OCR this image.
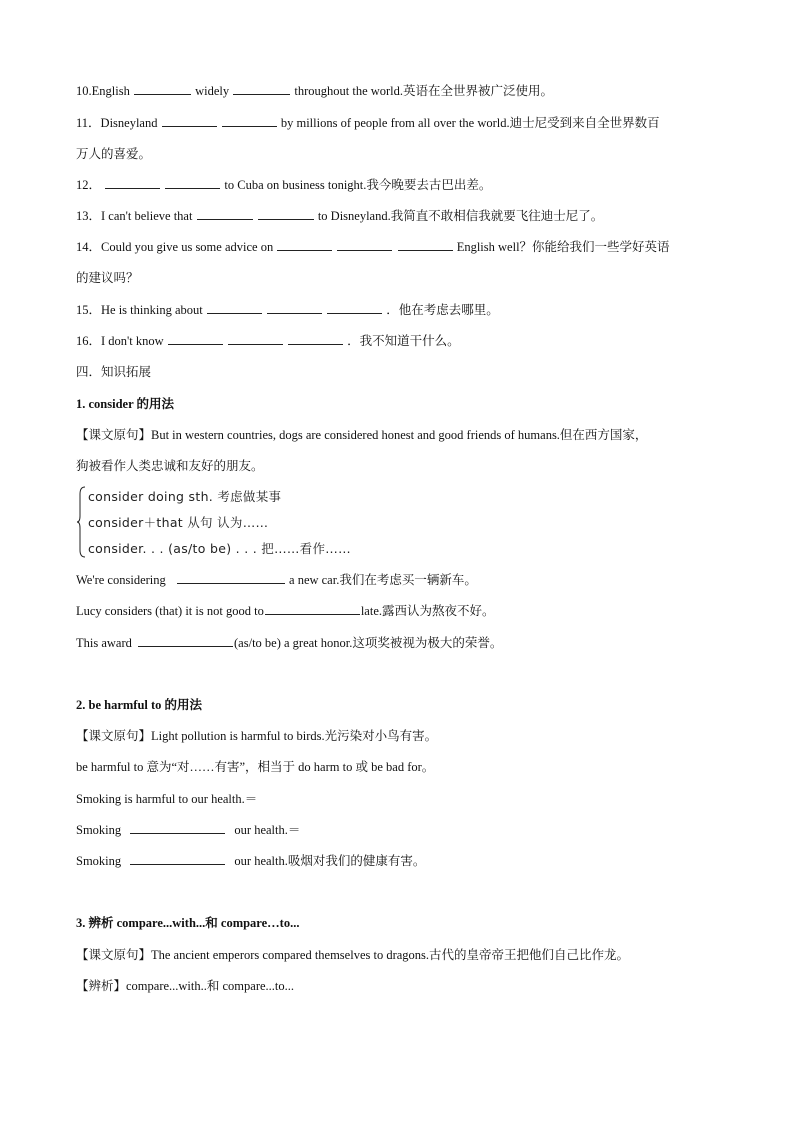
10.English	widely	throughout the world.英语在全世界被广泛使用。
11．Disneyland	by millions of people from all over the world.迪士尼受到来自全世界数百
万人的喜爱。
12．	to Cuba on business tonight.我今晚要去古巴出差。
13．I can't believe that	to Disneyland.我简直不敢相信我就要飞往迪士尼了。
14．Could you give us some advice on	English well？你能给我们一些学好英语
的建议吗？
15．He is thinking about	．他在考虑去哪里。
16．I don't know	．我不知道干什么。
四．知识拓展
1. consider 的用法
【课文原句】But in western countries, dogs are considered honest and good friends of humans.但在西方国家，
狗被看作人类忠诚和友好的朋友。
consider doing sth. 考虑做某事
consider＋that 从句 认为……
consider. . . (as/to be) . . . 把……看作……
We're considering	a new car.我们在考虑买一辆新车。
Lucy considers (that) it is not good to	late.露西认为熬夜不好。
This award	(as/to be) a great honor.这项奖被视为极大的荣誉。
2. be harmful to 的用法
【课文原句】Light pollution is harmful to birds.光污染对小鸟有害。
be harmful to 意为“对……有害”，相当于 do harm to 或 be bad for。
Smoking is harmful to our health.＝
Smoking	our health.＝
Smoking	our health.吸烟对我们的健康有害。
3. 辨析 compare...with...和 compare…to...
【课文原句】The ancient emperors compared themselves to dragons.古代的皇帝帝王把他们自己比作龙。
【辨析】compare...with..和 compare...to...
